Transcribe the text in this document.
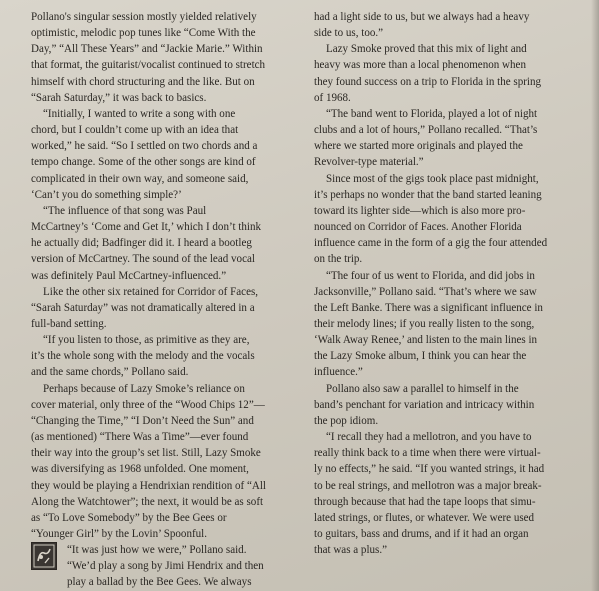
Pollano's singular session mostly yielded relatively
optimistic, melodic pop tunes like “Come With the
Day,” “All These Years” and “Jackie Marie.” Within
that format, the guitarist/vocalist continued to stretch
himself with chord structuring and the like. But on
“Sarah Saturday,” it was back to basics.
“Initially, I wanted to write a song with one
chord, but I couldn’t come up with an idea that
worked,” he said. “So I settled on two chords and a
tempo change. Some of the other songs are kind of
complicated in their own way, and someone said,
‘Can’t you do something simple?’
“The influence of that song was Paul
McCartney’s ‘Come and Get It,’ which I don’t think
he actually did; Badfinger did it. I heard a bootleg
version of McCartney. The sound of the lead vocal
was definitely Paul McCartney-influenced.”
Like the other six retained for Corridor of Faces,
“Sarah Saturday” was not dramatically altered in a
full-band setting.
“If you listen to those, as primitive as they are,
it’s the whole song with the melody and the vocals
and the same chords,” Pollano said.
Perhaps because of Lazy Smoke’s reliance on
cover material, only three of the “Wood Chips 12”—
“Changing the Time,” “I Don’t Need the Sun” and
(as mentioned) “There Was a Time”—ever found
their way into the group’s set list. Still, Lazy Smoke
was diversifying as 1968 unfolded. One moment,
they would be playing a Hendrixian rendition of “All
Along the Watchtower”; the next, it would be as soft
as “To Love Somebody” by the Bee Gees or
“Younger Girl” by the Lovin’ Spoonful.
“It was just how we were,” Pollano said.
“We’d play a song by Jimi Hendrix and then
play a ballad by the Bee Gees. We always
had a light side to us, but we always had a heavy
side to us, too.”
Lazy Smoke proved that this mix of light and
heavy was more than a local phenomenon when
they found success on a trip to Florida in the spring
of 1968.
“The band went to Florida, played a lot of night
clubs and a lot of hours,” Pollano recalled. “That’s
where we started more originals and played the
Revolver-type material.”
Since most of the gigs took place past midnight,
it’s perhaps no wonder that the band started leaning
toward its lighter side—which is also more pro-
nounced on Corridor of Faces. Another Florida
influence came in the form of a gig the four attended
on the trip.
“The four of us went to Florida, and did jobs in
Jacksonville,” Pollano said. “That’s where we saw
the Left Banke. There was a significant influence in
their melody lines; if you really listen to the song,
‘Walk Away Renee,’ and listen to the main lines in
the Lazy Smoke album, I think you can hear the
influence.”
Pollano also saw a parallel to himself in the
band’s penchant for variation and intricacy within
the pop idiom.
“I recall they had a mellotron, and you have to
really think back to a time when there were virtual-
ly no effects,” he said. “If you wanted strings, it had
to be real strings, and mellotron was a major break-
through because that had the tape loops that simu-
lated strings, or flutes, or whatever. We were used
to guitars, bass and drums, and if it had an organ
that was a plus.”
